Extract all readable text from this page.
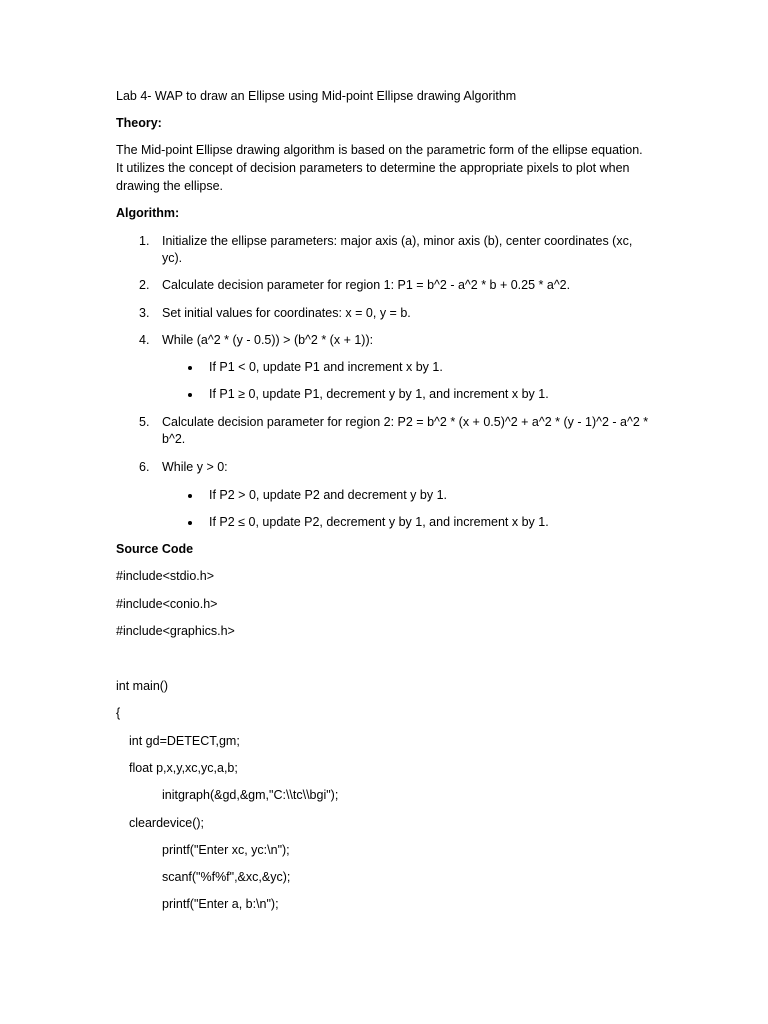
Lab 4- WAP to draw an Ellipse using Mid-point Ellipse drawing Algorithm
Theory:
The Mid-point Ellipse drawing algorithm is based on the parametric form of the ellipse equation.
It utilizes the concept of decision parameters to determine the appropriate pixels to plot when
drawing the ellipse.
Algorithm:
1. Initialize the ellipse parameters: major axis (a), minor axis (b), center coordinates (xc,
yc).
2. Calculate decision parameter for region 1: P1 = b^2 - a^2 * b + 0.25 * a^2.
3. Set initial values for coordinates: x = 0, y = b.
4. While (a^2 * (y - 0.5)) > (b^2 * (x + 1)):
If P1 < 0, update P1 and increment x by 1.
If P1 ≥ 0, update P1, decrement y by 1, and increment x by 1.
5. Calculate decision parameter for region 2: P2 = b^2 * (x + 0.5)^2 + a^2 * (y - 1)^2 - a^2 *
b^2.
6. While y > 0:
If P2 > 0, update P2 and decrement y by 1.
If P2 ≤ 0, update P2, decrement y by 1, and increment x by 1.
Source Code
#include<stdio.h>
#include<conio.h>
#include<graphics.h>
int main()
{
int gd=DETECT,gm;
float p,x,y,xc,yc,a,b;
initgraph(&gd,&gm,"C:\\tc\\bgi");
cleardevice();
printf("Enter xc, yc:\n");
scanf("%f%f",&xc,&yc);
printf("Enter a, b:\n");
